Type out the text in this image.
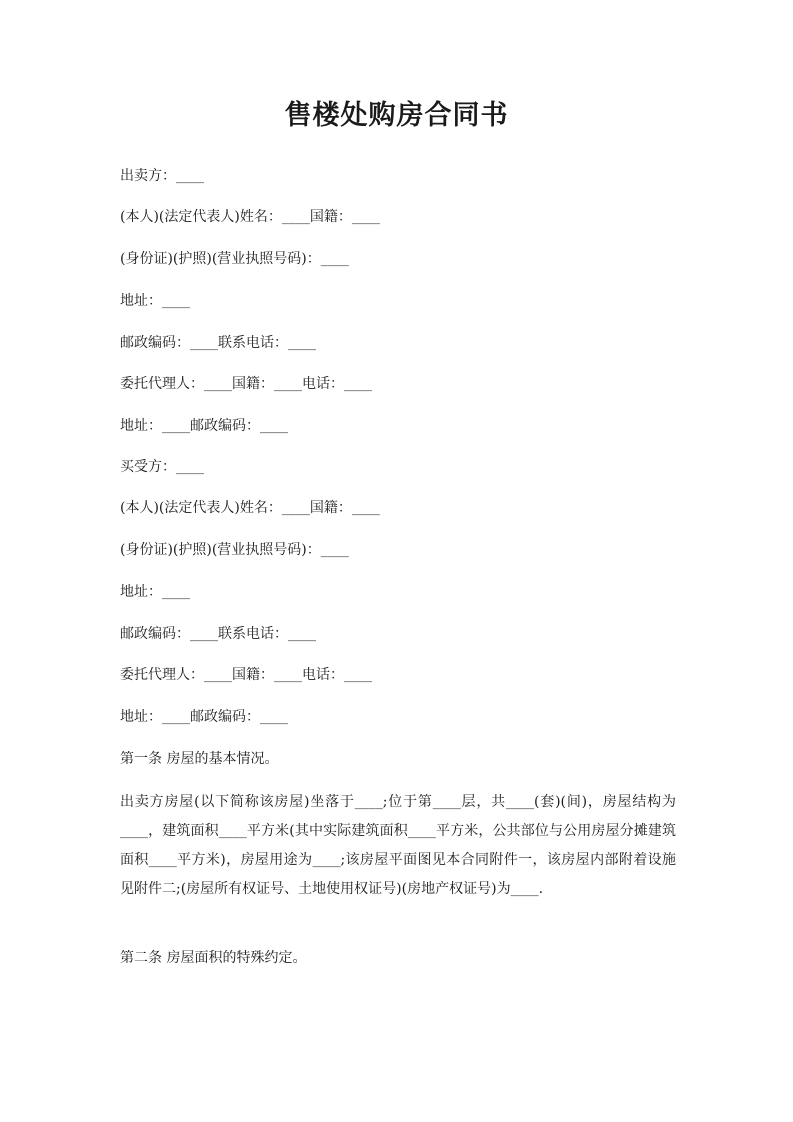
售楼处购房合同书

出卖方：____

(本人)(法定代表人)姓名：____国籍：____

(身份证)(护照)(营业执照号码)：____

地址：____

邮政编码：____联系电话：____

委托代理人：____国籍：____电话：____

地址：____邮政编码：____

买受方：____

(本人)(法定代表人)姓名：____国籍：____

(身份证)(护照)(营业执照号码)：____

地址：____

邮政编码：____联系电话：____

委托代理人：____国籍：____电话：____

地址：____邮政编码：____

第一条 房屋的基本情况。

出卖方房屋(以下简称该房屋)坐落于____;位于第____层，共____(套)(间)，房屋结构为____，建筑面积____平方米(其中实际建筑面积____平方米，公共部位与公用房屋分摊建筑面积____平方米)，房屋用途为____;该房屋平面图见本合同附件一，该房屋内部附着设施见附件二;(房屋所有权证号、土地使用权证号)(房地产权证号)为____.

第二条 房屋面积的特殊约定。
